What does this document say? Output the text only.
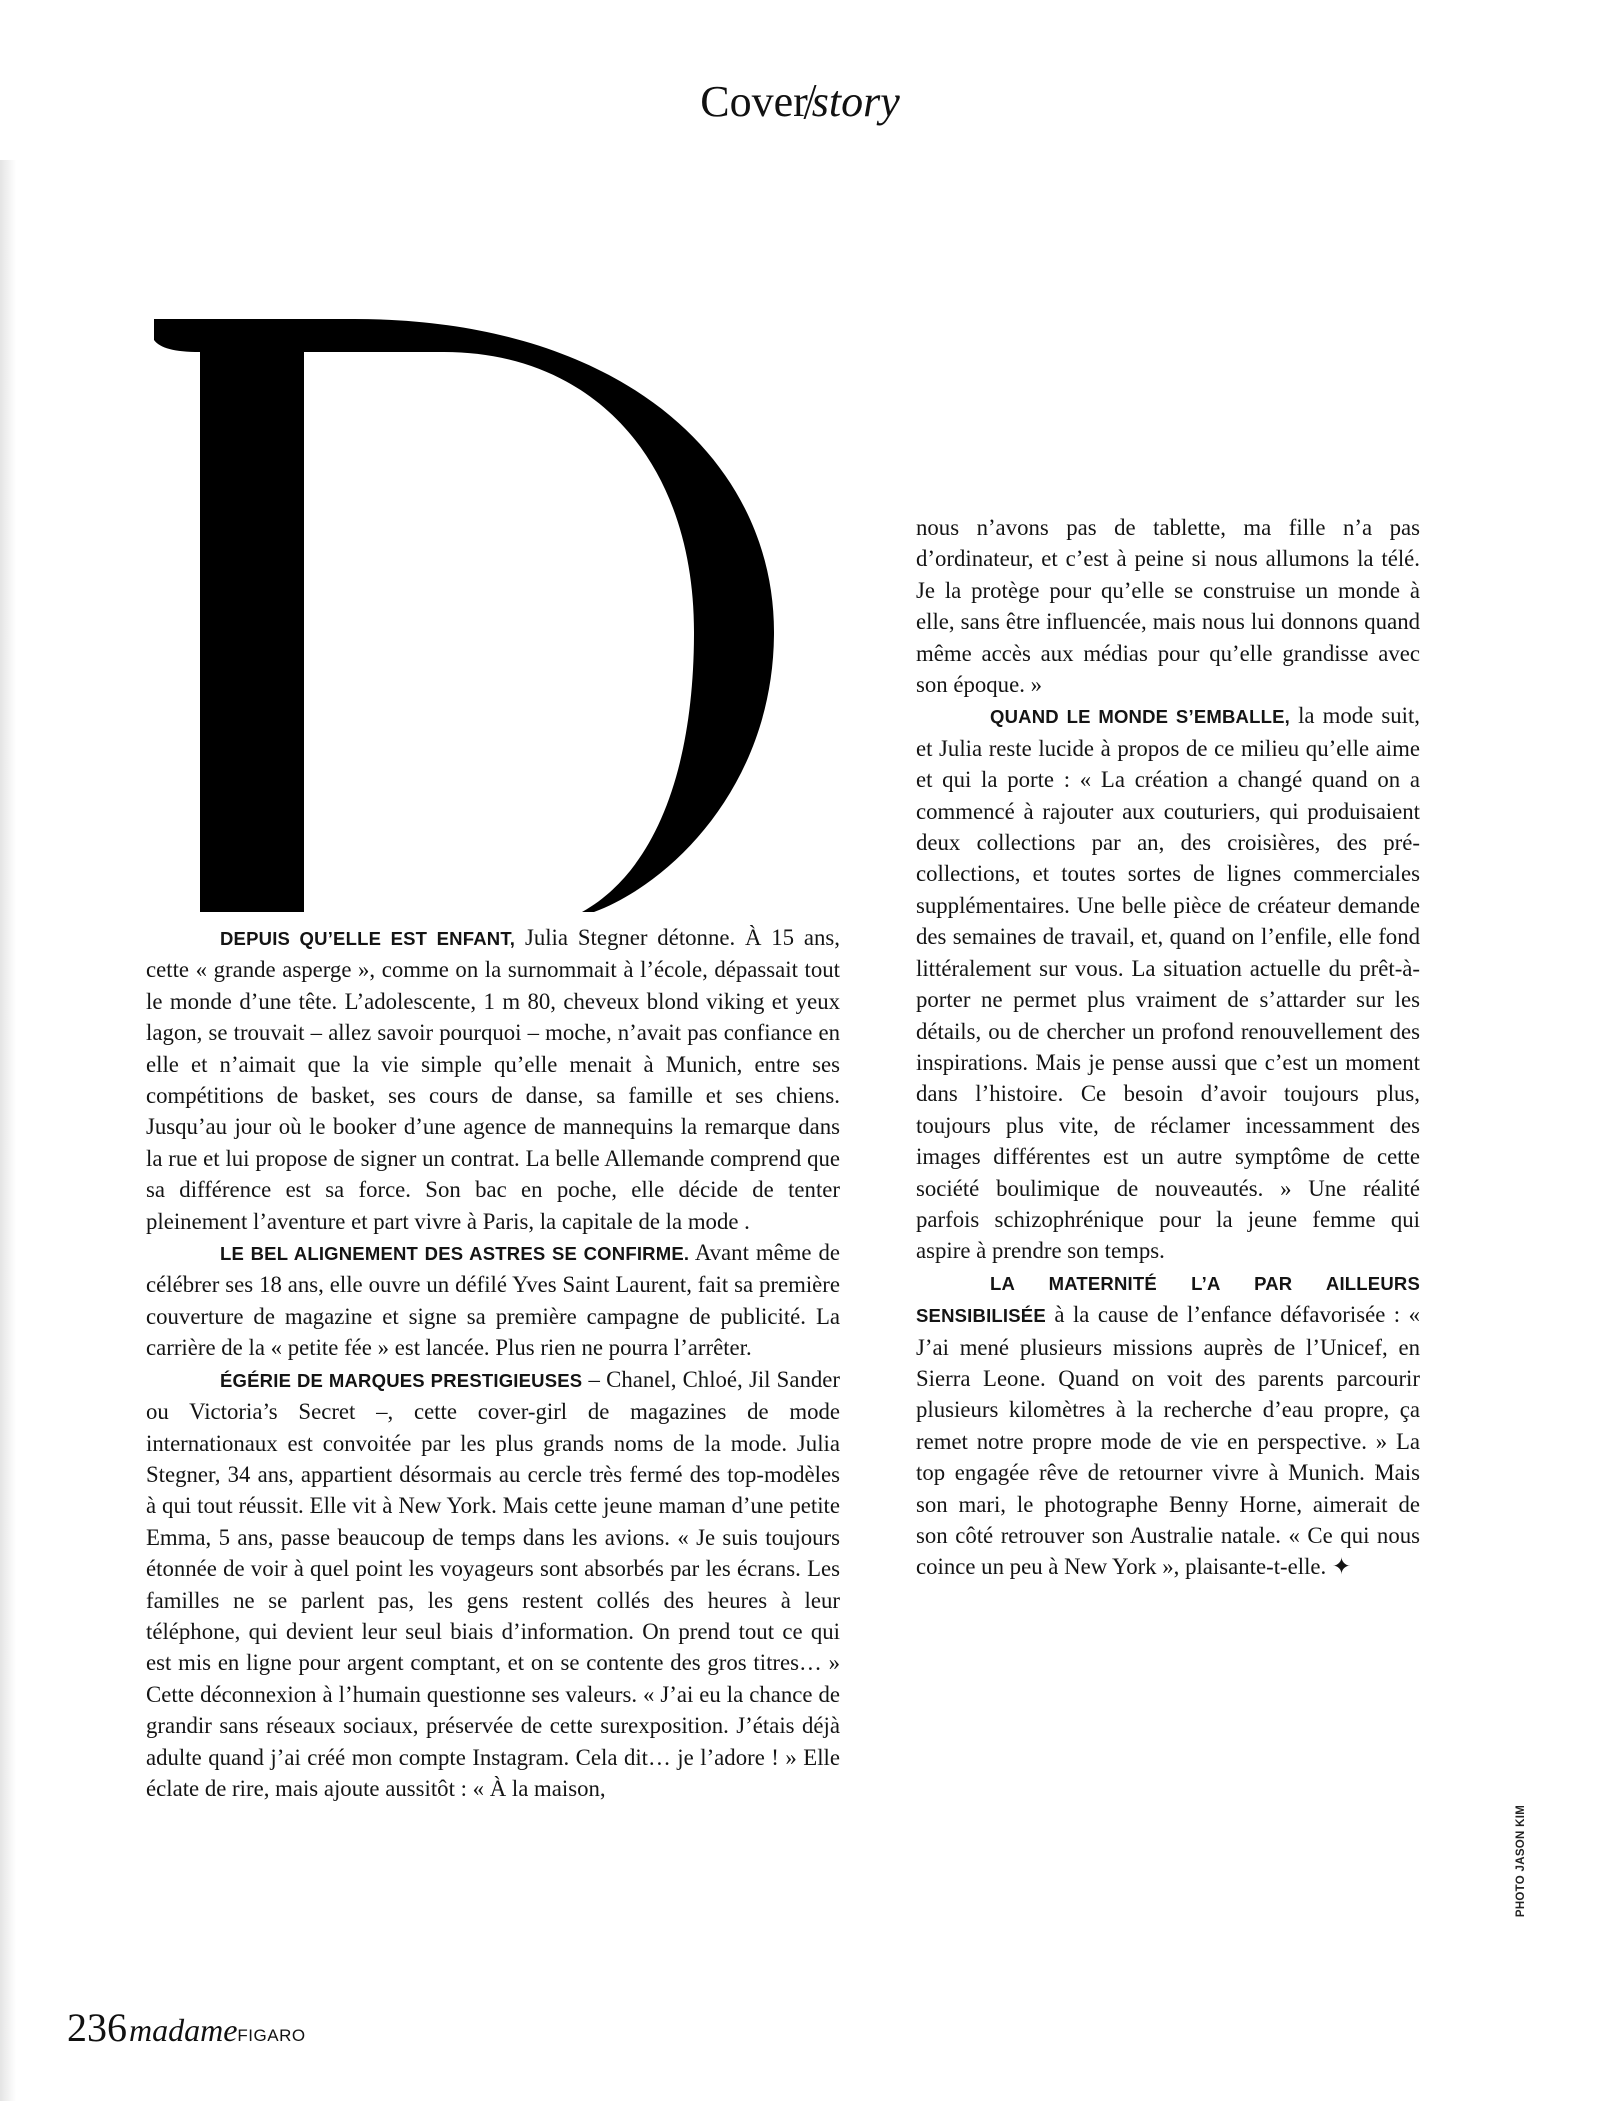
Coverstory
D

DEPUIS QU’ELLE EST ENFANT, Julia Stegner détonne. À 15 ans, cette « grande asperge », comme on la surnommait à l’école, dépassait tout le monde d’une tête. L’adolescente, 1 m 80, cheveux blond viking et yeux lagon, se trouvait – allez savoir pourquoi – moche, n’avait pas confiance en elle et n’aimait que la vie simple qu’elle menait à Munich, entre ses compétitions de basket, ses cours de danse, sa famille et ses chiens. Jusqu’au jour où le booker d’une agence de mannequins la remarque dans la rue et lui propose de signer un contrat. La belle Allemande comprend que sa différence est sa force. Son bac en poche, elle décide de tenter pleinement l’aventure et part vivre à Paris, la capitale de la mode .

LE BEL ALIGNEMENT DES ASTRES SE CONFIRME. Avant même de célébrer ses 18 ans, elle ouvre un défilé Yves Saint Laurent, fait sa première couverture de magazine et signe sa première campagne de publicité. La carrière de la « petite fée » est lancée. Plus rien ne pourra l’arrêter.

ÉGÉRIE DE MARQUES PRESTIGIEUSES – Chanel, Chloé, Jil Sander ou Victoria’s Secret –, cette cover-girl de magazines de mode internationaux est convoitée par les plus grands noms de la mode. Julia Stegner, 34 ans, appartient désormais au cercle très fermé des top-modèles à qui tout réussit. Elle vit à New York. Mais cette jeune maman d’une petite Emma, 5 ans, passe beaucoup de temps dans les avions. « Je suis toujours étonnée de voir à quel point les voyageurs sont absorbés par les écrans. Les familles ne se parlent pas, les gens restent collés des heures à leur téléphone, qui devient leur seul biais d’information. On prend tout ce qui est mis en ligne pour argent comptant, et on se contente des gros titres… » Cette déconnexion à l’humain questionne ses valeurs. « J’ai eu la chance de grandir sans réseaux sociaux, préservée de cette surexposition. J’étais déjà adulte quand j’ai créé mon compte Instagram. Cela dit… je l’adore ! » Elle éclate de rire, mais ajoute aussitôt : « À la maison,

nous n’avons pas de tablette, ma fille n’a pas d’ordinateur, et c’est à peine si nous allumons la télé. Je la protège pour qu’elle se construise un monde à elle, sans être influencée, mais nous lui donnons quand même accès aux médias pour qu’elle grandisse avec son époque. »

QUAND LE MONDE S’EMBALLE, la mode suit, et Julia reste lucide à propos de ce milieu qu’elle aime et qui la porte : « La création a changé quand on a commencé à rajouter aux couturiers, qui produisaient deux collections par an, des croisières, des pré-collections, et toutes sortes de lignes commerciales supplémentaires. Une belle pièce de créateur demande des semaines de travail, et, quand on l’enfile, elle fond littéralement sur vous. La situation actuelle du prêt-à-porter ne permet plus vraiment de s’attarder sur les détails, ou de chercher un profond renouvellement des inspirations. Mais je pense aussi que c’est un moment dans l’histoire. Ce besoin d’avoir toujours plus, toujours plus vite, de réclamer incessamment des images différentes est un autre symptôme de cette société boulimique de nouveautés. » Une réalité parfois schizophrénique pour la jeune femme qui aspire à prendre son temps.

LA MATERNITÉ L’A PAR AILLEURS SENSIBILISÉE à la cause de l’enfance défavorisée : « J’ai mené plusieurs missions auprès de l’Unicef, en Sierra Leone. Quand on voit des parents parcourir plusieurs kilomètres à la recherche d’eau propre, ça remet notre propre mode de vie en perspective. » La top engagée rêve de retourner vivre à Munich. Mais son mari, le photographe Benny Horne, aimerait de son côté retrouver son Australie natale. « Ce qui nous coince un peu à New York », plaisante-t-elle. ✦

PHOTO JASON KIM
236madameFIGARO
